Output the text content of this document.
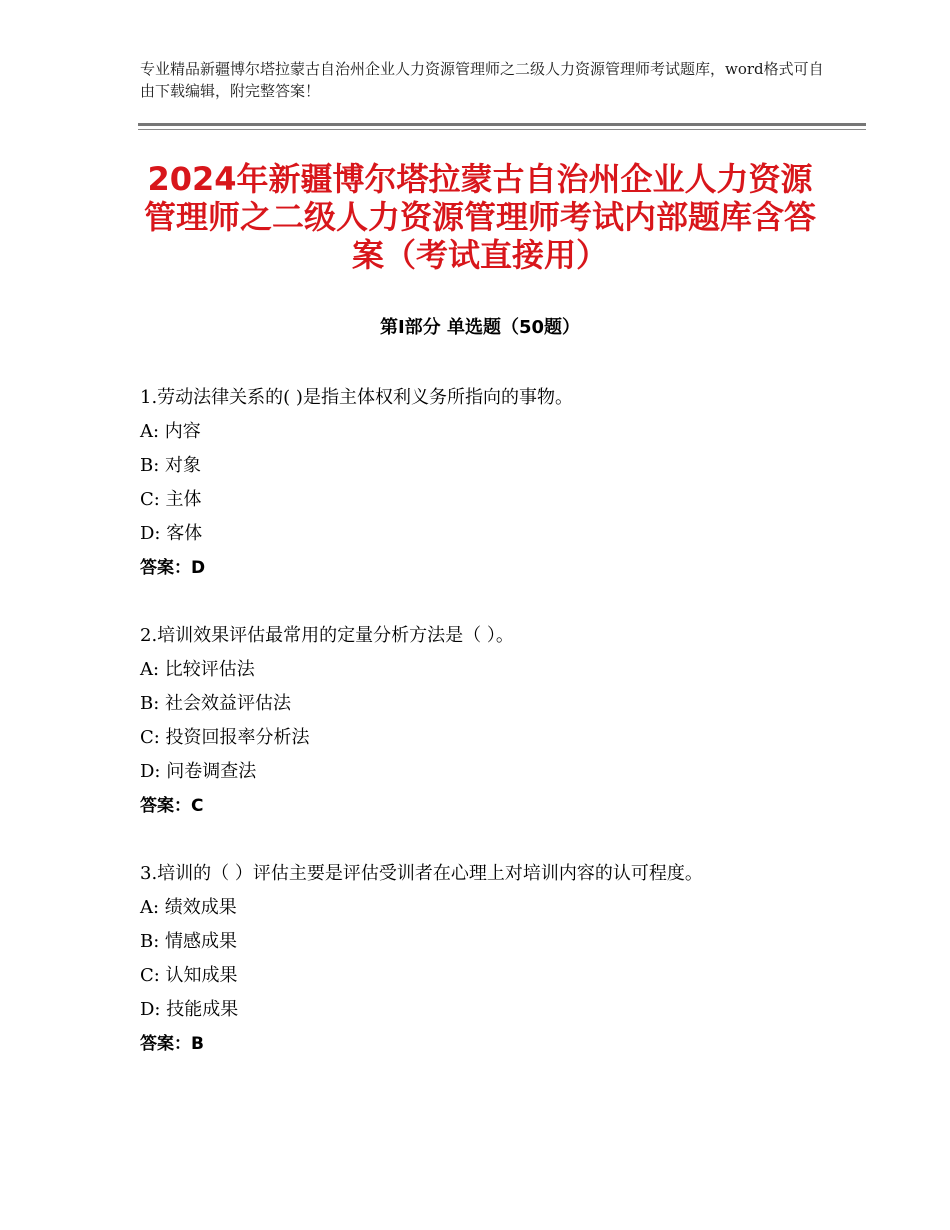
专业精品新疆博尔塔拉蒙古自治州企业人力资源管理师之二级人力资源管理师考试题库，word格式可自由下载编辑，附完整答案！
2024年新疆博尔塔拉蒙古自治州企业人力资源管理师之二级人力资源管理师考试内部题库含答案（考试直接用）
第Ⅰ部分 单选题（50题）

1.劳动法律关系的( )是指主体权利义务所指向的事物。

A: 内容

B: 对象

C: 主体

D: 客体

答案：D

2.培训效果评估最常用的定量分析方法是（ ）。

A: 比较评估法

B: 社会效益评估法

C: 投资回报率分析法

D: 问卷调查法

答案：C

3.培训的（ ）评估主要是评估受训者在心理上对培训内容的认可程度。

A: 绩效成果

B: 情感成果

C: 认知成果

D: 技能成果

答案：B
